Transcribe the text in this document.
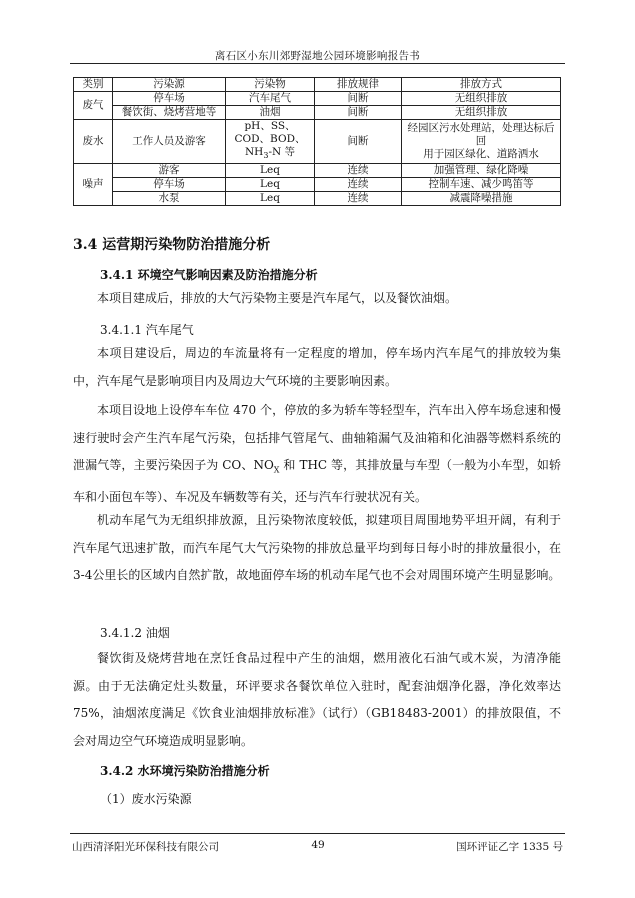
离石区小东川郊野湿地公园环境影响报告书
类别	污染源	污染物	排放规律	排放方式
废气	停车场	汽车尾气	间断	无组织排放
	餐饮街、烧烤营地等	油烟	间断	无组织排放
废水	工作人员及游客	pH、SS、
COD、BOD、
$NH_3-N$ 等	间断	经园区污水处理站，处理达标后回
用于园区绿化、道路洒水
噪声	游客	Leq	连续	加强管理、绿化降噪
	停车场	Leq	连续	控制车速、减少鸣笛等
	水泵	Leq	连续	减震降噪措施
3.4 运营期污染物防治措施分析
3.4.1 环境空气影响因素及防治措施分析

本项目建成后，排放的大气污染物主要是汽车尾气，以及餐饮油烟。

3.4.1.1 汽车尾气

本项目建设后，周边的车流量将有一定程度的增加，停车场内汽车尾气的排放较为集中，汽车尾气是影响项目内及周边大气环境的主要影响因素。

本项目设地上设停车车位 470 个，停放的多为轿车等轻型车，汽车出入停车场怠速和慢速行驶时会产生汽车尾气污染，包括排气管尾气、曲轴箱漏气及油箱和化油器等燃料系统的泄漏气等，主要污染因子为 CO、$NO_X$ 和 THC 等，其排放量与车型（一般为小车型，如轿车和小面包车等）、车况及车辆数等有关，还与汽车行驶状况有关。

机动车尾气为无组织排放源，且污染物浓度较低，拟建项目周围地势平坦开阔，有利于汽车尾气迅速扩散，而汽车尾气大气污染物的排放总量平均到每日每小时的排放量很小，在3-4公里长的区域内自然扩散，故地面停车场的机动车尾气也不会对周围环境产生明显影响。

3.4.1.2 油烟

餐饮街及烧烤营地在烹饪食品过程中产生的油烟，燃用液化石油气或木炭，为清净能源。由于无法确定灶头数量，环评要求各餐饮单位入驻时，配套油烟净化器，净化效率达 75%，油烟浓度满足《饮食业油烟排放标准》（试行）（GB18483-2001）的排放限值，不会对周边空气环境造成明显影响。

3.4.2 水环境污染防治措施分析
（1）废水污染源
山西清泽阳光环保科技有限公司	49	国环评证乙字 1335 号
